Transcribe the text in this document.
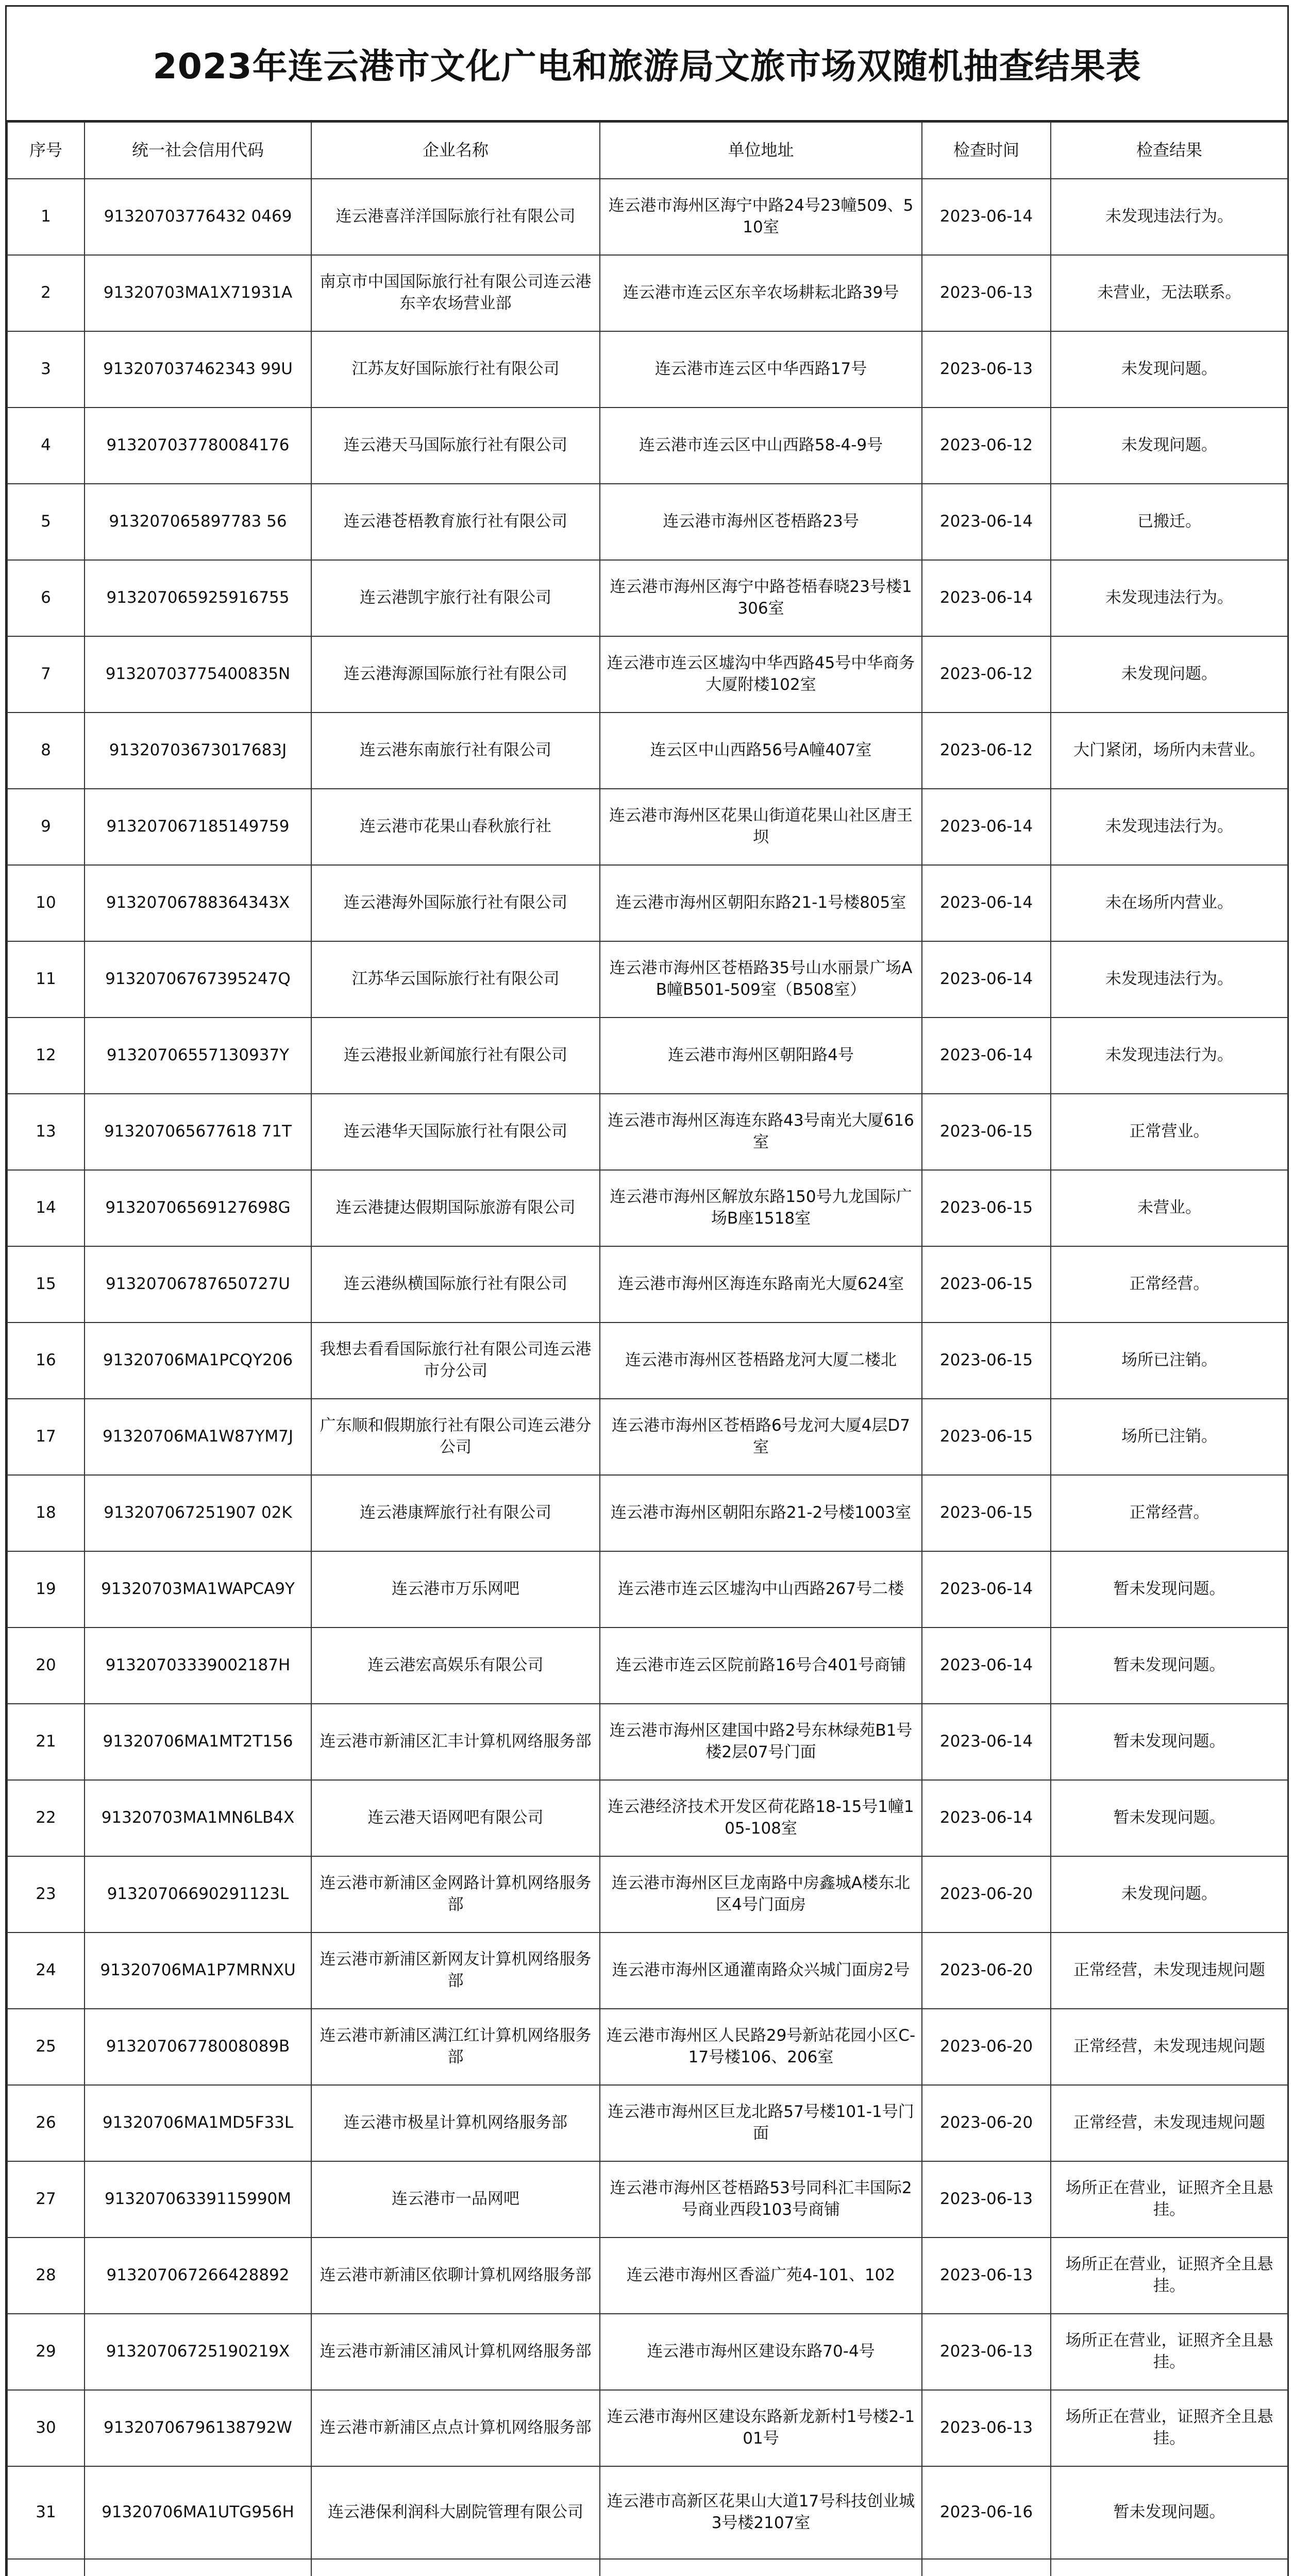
2023年连云港市文化广电和旅游局文旅市场双随机抽查结果表
序号	统一社会信用代码	企业名称	单位地址	检查时间	检查结果
1	91320703776432 0469	连云港喜洋洋国际旅行社有限公司	连云港市海州区海宁中路24号23幢509、510室	2023-06-14	未发现违法行为。
2	91320703MA1X71931A	南京市中国国际旅行社有限公司连云港东辛农场营业部	连云港市连云区东辛农场耕耘北路39号	2023-06-13	未营业，无法联系。
3	913207037462343 99U	江苏友好国际旅行社有限公司	连云港市连云区中华西路17号	2023-06-13	未发现问题。
4	913207037780084176	连云港天马国际旅行社有限公司	连云港市连云区中山西路58-4-9号	2023-06-12	未发现问题。
5	913207065897783 56	连云港苍梧教育旅行社有限公司	连云港市海州区苍梧路23号	2023-06-14	已搬迁。
6	913207065925916755	连云港凯宇旅行社有限公司	连云港市海州区海宁中路苍梧春晓23号楼1306室	2023-06-14	未发现违法行为。
7	91320703775400835N	连云港海源国际旅行社有限公司	连云港市连云区墟沟中华西路45号中华商务大厦附楼102室	2023-06-12	未发现问题。
8	91320703673017683J	连云港东南旅行社有限公司	连云区中山西路56号A幢407室	2023-06-12	大门紧闭，场所内未营业。
9	913207067185149759	连云港市花果山春秋旅行社	连云港市海州区花果山街道花果山社区唐王坝	2023-06-14	未发现违法行为。
10	91320706788364343X	连云港海外国际旅行社有限公司	连云港市海州区朝阳东路21-1号楼805室	2023-06-14	未在场所内营业。
11	91320706767395247Q	江苏华云国际旅行社有限公司	连云港市海州区苍梧路35号山水丽景广场AB幢B501-509室（B508室）	2023-06-14	未发现违法行为。
12	91320706557130937Y	连云港报业新闻旅行社有限公司	连云港市海州区朝阳路4号	2023-06-14	未发现违法行为。
13	913207065677618 71T	连云港华天国际旅行社有限公司	连云港市海州区海连东路43号南光大厦616室	2023-06-15	正常营业。
14	91320706569127698G	连云港捷达假期国际旅游有限公司	连云港市海州区解放东路150号九龙国际广场B座1518室	2023-06-15	未营业。
15	91320706787650727U	连云港纵横国际旅行社有限公司	连云港市海州区海连东路南光大厦624室	2023-06-15	正常经营。
16	91320706MA1PCQY206	我想去看看国际旅行社有限公司连云港市分公司	连云港市海州区苍梧路龙河大厦二楼北	2023-06-15	场所已注销。
17	91320706MA1W87YM7J	广东顺和假期旅行社有限公司连云港分公司	连云港市海州区苍梧路6号龙河大厦4层D7室	2023-06-15	场所已注销。
18	913207067251907 02K	连云港康辉旅行社有限公司	连云港市海州区朝阳东路21-2号楼1003室	2023-06-15	正常经营。
19	91320703MA1WAPCA9Y	连云港市万乐网吧	连云港市连云区墟沟中山西路267号二楼	2023-06-14	暂未发现问题。
20	91320703339002187H	连云港宏高娱乐有限公司	连云港市连云区院前路16号合401号商铺	2023-06-14	暂未发现问题。
21	91320706MA1MT2T156	连云港市新浦区汇丰计算机网络服务部	连云港市海州区建国中路2号东林绿苑B1号楼2层07号门面	2023-06-14	暂未发现问题。
22	91320703MA1MN6LB4X	连云港天语网吧有限公司	连云港经济技术开发区荷花路18-15号1幢105-108室	2023-06-14	暂未发现问题。
23	91320706690291123L	连云港市新浦区金网路计算机网络服务部	连云港市海州区巨龙南路中房鑫城A楼东北区4号门面房	2023-06-20	未发现问题。
24	91320706MA1P7MRNXU	连云港市新浦区新网友计算机网络服务部	连云港市海州区通灌南路众兴城门面房2号	2023-06-20	正常经营，未发现违规问题
25	91320706778008089B	连云港市新浦区满江红计算机网络服务部	连云港市海州区人民路29号新站花园小区C-17号楼106、206室	2023-06-20	正常经营，未发现违规问题
26	91320706MA1MD5F33L	连云港市极星计算机网络服务部	连云港市海州区巨龙北路57号楼101-1号门面	2023-06-20	正常经营，未发现违规问题
27	91320706339115990M	连云港市一品网吧	连云港市海州区苍梧路53号同科汇丰国际2号商业西段103号商铺	2023-06-13	场所正在营业，证照齐全且悬挂。
28	913207067266428892	连云港市新浦区依聊计算机网络服务部	连云港市海州区香溢广苑4-101、102	2023-06-13	场所正在营业，证照齐全且悬挂。
29	91320706725190219X	连云港市新浦区浦风计算机网络服务部	连云港市海州区建设东路70-4号	2023-06-13	场所正在营业，证照齐全且悬挂。
30	91320706796138792W	连云港市新浦区点点计算机网络服务部	连云港市海州区建设东路新龙新村1号楼2-101号	2023-06-13	场所正在营业，证照齐全且悬挂。
31	91320706MA1UTG956H	连云港保利润科大剧院管理有限公司	连云港市高新区花果山大道17号科技创业城3号楼2107室	2023-06-16	暂未发现问题。
